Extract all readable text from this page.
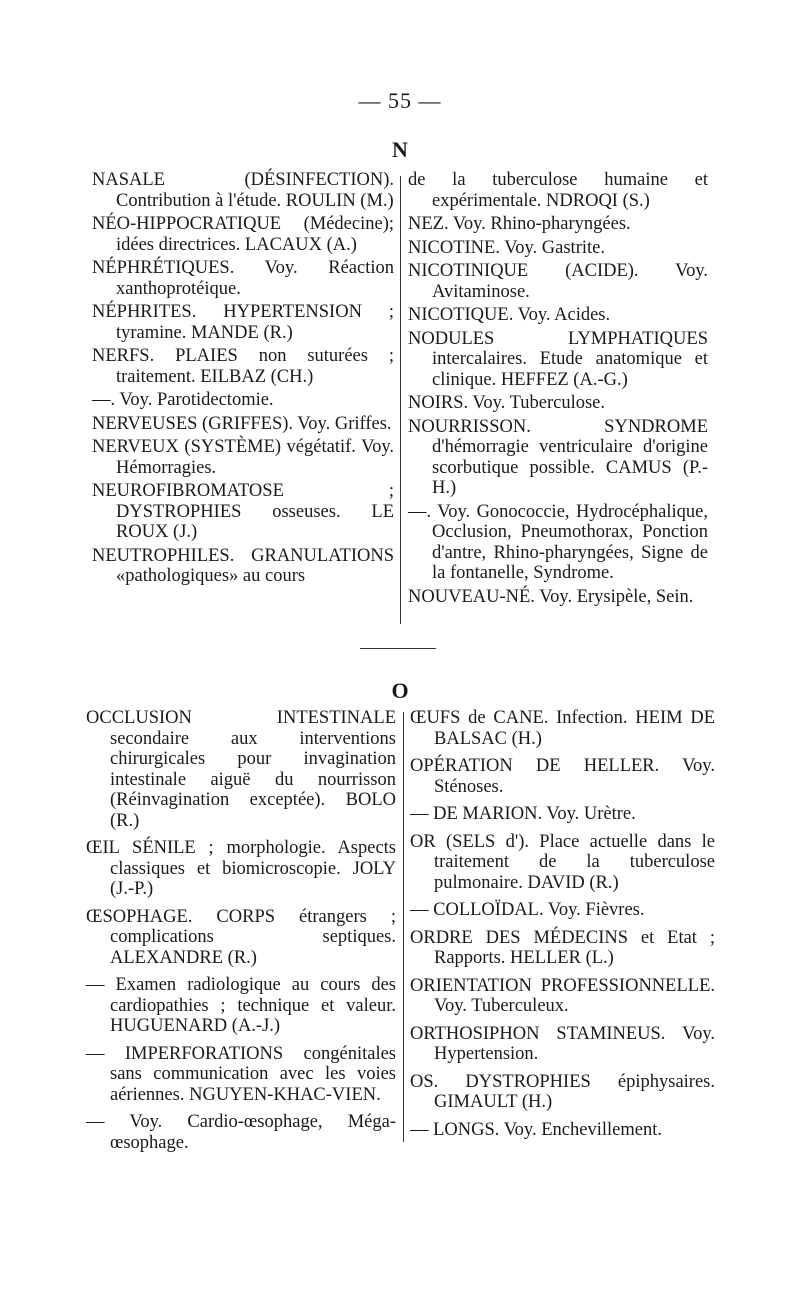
— 55 —
N

NASALE (DÉSINFECTION). Contribution à l'étude. ROULIN (M.)

NÉO-HIPPOCRATIQUE (Médecine); idées directrices. LACAUX (A.)

NÉPHRÉTIQUES. Voy. Réaction xanthoprotéique.

NÉPHRITES. HYPERTENSION ; tyramine. MANDE (R.)

NERFS. PLAIES non suturées ; traitement. EILBAZ (CH.)

—. Voy. Parotidectomie.

NERVEUSES (GRIFFES). Voy. Griffes.

NERVEUX (SYSTÈME) végétatif. Voy. Hémorragies.

NEUROFIBROMATOSE ; DYSTROPHIES osseuses. LE ROUX (J.)

NEUTROPHILES. GRANULATIONS «pathologiques» au cours

de la tuberculose humaine et expérimentale. NDROQI (S.)

NEZ. Voy. Rhino-pharyngées.

NICOTINE. Voy. Gastrite.

NICOTINIQUE (ACIDE). Voy. Avitaminose.

NICOTIQUE. Voy. Acides.

NODULES LYMPHATIQUES intercalaires. Etude anatomique et clinique. HEFFEZ (A.-G.)

NOIRS. Voy. Tuberculose.

NOURRISSON. SYNDROME d'hémorragie ventriculaire d'origine scorbutique possible. CAMUS (P.-H.)

—. Voy. Gonococcie, Hydrocéphalique, Occlusion, Pneumothorax, Ponction d'antre, Rhino-pharyngées, Signe de la fontanelle, Syndrome.

NOUVEAU-NÉ. Voy. Erysipèle, Sein.

O

OCCLUSION INTESTINALE secondaire aux interventions chirurgicales pour invagination intestinale aiguë du nourrisson (Réinvagination exceptée). BOLO (R.)

ŒIL SÉNILE ; morphologie. Aspects classiques et biomicroscopie. JOLY (J.-P.)

ŒSOPHAGE. CORPS étrangers ; complications septiques. ALEXANDRE (R.)

— Examen radiologique au cours des cardiopathies ; technique et valeur. HUGUENARD (A.-J.)

— IMPERFORATIONS congénitales sans communication avec les voies aériennes. NGUYEN-KHAC-VIEN.

— Voy. Cardio-œsophage, Méga-œsophage.

ŒUFS de CANE. Infection. HEIM DE BALSAC (H.)

OPÉRATION DE HELLER. Voy. Sténoses.

— DE MARION. Voy. Urètre.

OR (SELS d'). Place actuelle dans le traitement de la tuberculose pulmonaire. DAVID (R.)

— COLLOÏDAL. Voy. Fièvres.

ORDRE DES MÉDECINS et Etat ; Rapports. HELLER (L.)

ORIENTATION PROFESSIONNELLE. Voy. Tuberculeux.

ORTHOSIPHON STAMINEUS. Voy. Hypertension.

OS. DYSTROPHIES épiphysaires. GIMAULT (H.)

— LONGS. Voy. Enchevillement.
